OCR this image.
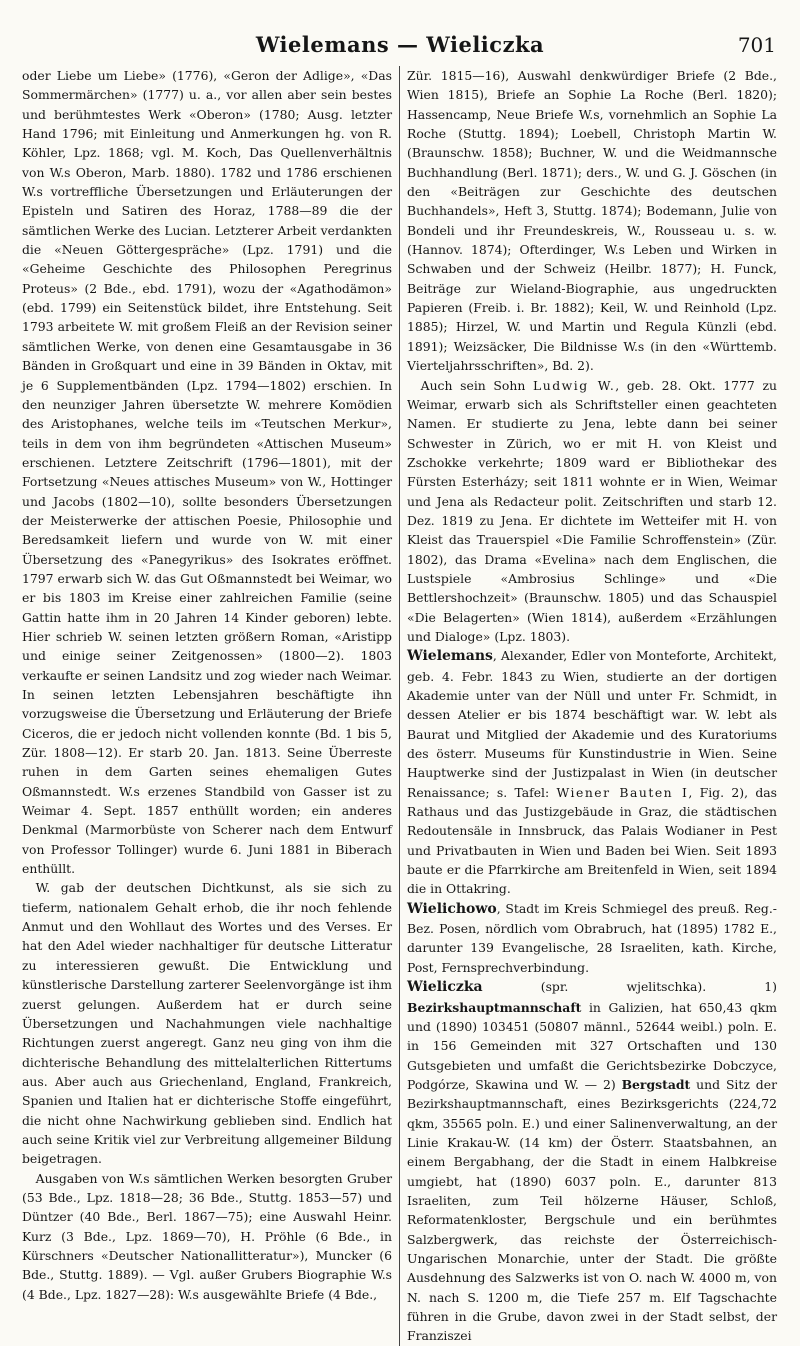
Wielemans — Wieliczka	701

oder Liebe um Liebe» (1776), «Geron der Adlige», «Das Sommermärchen» (1777) u. a., vor allen aber sein bestes und berühmtestes Werk «Oberon» (1780; Ausg. letzter Hand 1796; mit Einleitung und Anmerkungen hg. von R. Köhler, Lpz. 1868; vgl. M. Koch, Das Quellenverhältnis von W.s Oberon, Marb. 1880). 1782 und 1786 erschienen W.s vortreffliche Übersetzungen und Erläuterungen der Episteln und Satiren des Horaz, 1788—89 die der sämtlichen Werke des Lucian. Letzterer Arbeit verdankten die «Neuen Göttergespräche» (Lpz. 1791) und die «Geheime Geschichte des Philosophen Peregrinus Proteus» (2 Bde., ebd. 1791), wozu der «Agathodämon» (ebd. 1799) ein Seitenstück bildet, ihre Entstehung. Seit 1793 arbeitete W. mit großem Fleiß an der Revision seiner sämtlichen Werke, von denen eine Gesamtausgabe in 36 Bänden in Großquart und eine in 39 Bänden in Oktav, mit je 6 Supplementbänden (Lpz. 1794—1802) erschien. In den neunziger Jahren übersetzte W. mehrere Komödien des Aristophanes, welche teils im «Teutschen Merkur», teils in dem von ihm begründeten «Attischen Museum» erschienen. Letztere Zeitschrift (1796—1801), mit der Fortsetzung «Neues attisches Museum» von W., Hottinger und Jacobs (1802—10), sollte besonders Übersetzungen der Meisterwerke der attischen Poesie, Philosophie und Beredsamkeit liefern und wurde von W. mit einer Übersetzung des «Panegyrikus» des Isokrates eröffnet. 1797 erwarb sich W. das Gut Oßmannstedt bei Weimar, wo er bis 1803 im Kreise einer zahlreichen Familie (seine Gattin hatte ihm in 20 Jahren 14 Kinder geboren) lebte. Hier schrieb W. seinen letzten größern Roman, «Aristipp und einige seiner Zeitgenossen» (1800—2). 1803 verkaufte er seinen Landsitz und zog wieder nach Weimar. In seinen letzten Lebensjahren beschäftigte ihn vorzugsweise die Übersetzung und Erläuterung der Briefe Ciceros, die er jedoch nicht vollenden konnte (Bd. 1 bis 5, Zür. 1808—12). Er starb 20. Jan. 1813. Seine Überreste ruhen in dem Garten seines ehemaligen Gutes Oßmannstedt. W.s erzenes Standbild von Gasser ist zu Weimar 4. Sept. 1857 enthüllt worden; ein anderes Denkmal (Marmorbüste von Scherer nach dem Entwurf von Professor Tollinger) wurde 6. Juni 1881 in Biberach enthüllt.

W. gab der deutschen Dichtkunst, als sie sich zu tieferm, nationalem Gehalt erhob, die ihr noch fehlende Anmut und den Wohllaut des Wortes und des Verses. Er hat den Adel wieder nachhaltiger für deutsche Litteratur zu interessieren gewußt. Die Entwicklung und künstlerische Darstellung zarterer Seelenvorgänge ist ihm zuerst gelungen. Außerdem hat er durch seine Übersetzungen und Nachahmungen viele nachhaltige Richtungen zuerst angeregt. Ganz neu ging von ihm die dichterische Behandlung des mittelalterlichen Rittertums aus. Aber auch aus Griechenland, England, Frankreich, Spanien und Italien hat er dichterische Stoffe eingeführt, die nicht ohne Nachwirkung geblieben sind. Endlich hat auch seine Kritik viel zur Verbreitung allgemeiner Bildung beigetragen.

Ausgaben von W.s sämtlichen Werken besorgten Gruber (53 Bde., Lpz. 1818—28; 36 Bde., Stuttg. 1853—57) und Düntzer (40 Bde., Berl. 1867—75); eine Auswahl Heinr. Kurz (3 Bde., Lpz. 1869—70), H. Pröhle (6 Bde., in Kürschners «Deutscher Nationallitteratur»), Muncker (6 Bde., Stuttg. 1889). — Vgl. außer Grubers Biographie W.s (4 Bde., Lpz. 1827—28): W.s ausgewählte Briefe (4 Bde.,

Zür. 1815—16), Auswahl denkwürdiger Briefe (2 Bde., Wien 1815), Briefe an Sophie La Roche (Berl. 1820); Hassencamp, Neue Briefe W.s, vornehmlich an Sophie La Roche (Stuttg. 1894); Loebell, Christoph Martin W. (Braunschw. 1858); Buchner, W. und die Weidmannsche Buchhandlung (Berl. 1871); ders., W. und G. J. Göschen (in den «Beiträgen zur Geschichte des deutschen Buchhandels», Heft 3, Stuttg. 1874); Bodemann, Julie von Bondeli und ihr Freundeskreis, W., Rousseau u. s. w. (Hannov. 1874); Ofterdinger, W.s Leben und Wirken in Schwaben und der Schweiz (Heilbr. 1877); H. Funck, Beiträge zur Wieland-Biographie, aus ungedruckten Papieren (Freib. i. Br. 1882); Keil, W. und Reinhold (Lpz. 1885); Hirzel, W. und Martin und Regula Künzli (ebd. 1891); Weizsäcker, Die Bildnisse W.s (in den «Württemb. Vierteljahrsschriften», Bd. 2).

Auch sein Sohn Ludwig W., geb. 28. Okt. 1777 zu Weimar, erwarb sich als Schriftsteller einen geachteten Namen. Er studierte zu Jena, lebte dann bei seiner Schwester in Zürich, wo er mit H. von Kleist und Zschokke verkehrte; 1809 ward er Bibliothekar des Fürsten Esterházy; seit 1811 wohnte er in Wien, Weimar und Jena als Redacteur polit. Zeitschriften und starb 12. Dez. 1819 zu Jena. Er dichtete im Wetteifer mit H. von Kleist das Trauerspiel «Die Familie Schroffenstein» (Zür. 1802), das Drama «Evelina» nach dem Englischen, die Lustspiele «Ambrosius Schlinge» und «Die Bettlershochzeit» (Braunschw. 1805) und das Schauspiel «Die Belagerten» (Wien 1814), außerdem «Erzählungen und Dialoge» (Lpz. 1803).

Wielemans, Alexander, Edler von Monteforte, Architekt, geb. 4. Febr. 1843 zu Wien, studierte an der dortigen Akademie unter van der Nüll und unter Fr. Schmidt, in dessen Atelier er bis 1874 beschäftigt war. W. lebt als Baurat und Mitglied der Akademie und des Kuratoriums des österr. Museums für Kunstindustrie in Wien. Seine Hauptwerke sind der Justizpalast in Wien (in deutscher Renaissance; s. Tafel: Wiener Bauten I, Fig. 2), das Rathaus und das Justizgebäude in Graz, die städtischen Redoutensäle in Innsbruck, das Palais Wodianer in Pest und Privatbauten in Wien und Baden bei Wien. Seit 1893 baute er die Pfarrkirche am Breitenfeld in Wien, seit 1894 die in Ottakring.

Wielichowo, Stadt im Kreis Schmiegel des preuß. Reg.-Bez. Posen, nördlich vom Obrabruch, hat (1895) 1782 E., darunter 139 Evangelische, 28 Israeliten, kath. Kirche, Post, Fernsprechverbindung.

Wieliczka (spr. wjelitschka). 1) Bezirkshauptmannschaft in Galizien, hat 650,43 qkm und (1890) 103451 (50807 männl., 52644 weibl.) poln. E. in 156 Gemeinden mit 327 Ortschaften und 130 Gutsgebieten und umfaßt die Gerichtsbezirke Dobczyce, Podgórze, Skawina und W. — 2) Bergstadt und Sitz der Bezirkshauptmannschaft, eines Bezirksgerichts (224,72 qkm, 35565 poln. E.) und einer Salinenverwaltung, an der Linie Krakau-W. (14 km) der Österr. Staatsbahnen, an einem Bergabhang, der die Stadt in einem Halbkreise umgiebt, hat (1890) 6037 poln. E., darunter 813 Israeliten, zum Teil hölzerne Häuser, Schloß, Reformatenkloster, Bergschule und ein berühmtes Salzbergwerk, das reichste der Österreichisch-Ungarischen Monarchie, unter der Stadt. Die größte Ausdehnung des Salzwerks ist von O. nach W. 4000 m, von N. nach S. 1200 m, die Tiefe 257 m. Elf Tagschachte führen in die Grube, davon zwei in der Stadt selbst, der Franziszei
